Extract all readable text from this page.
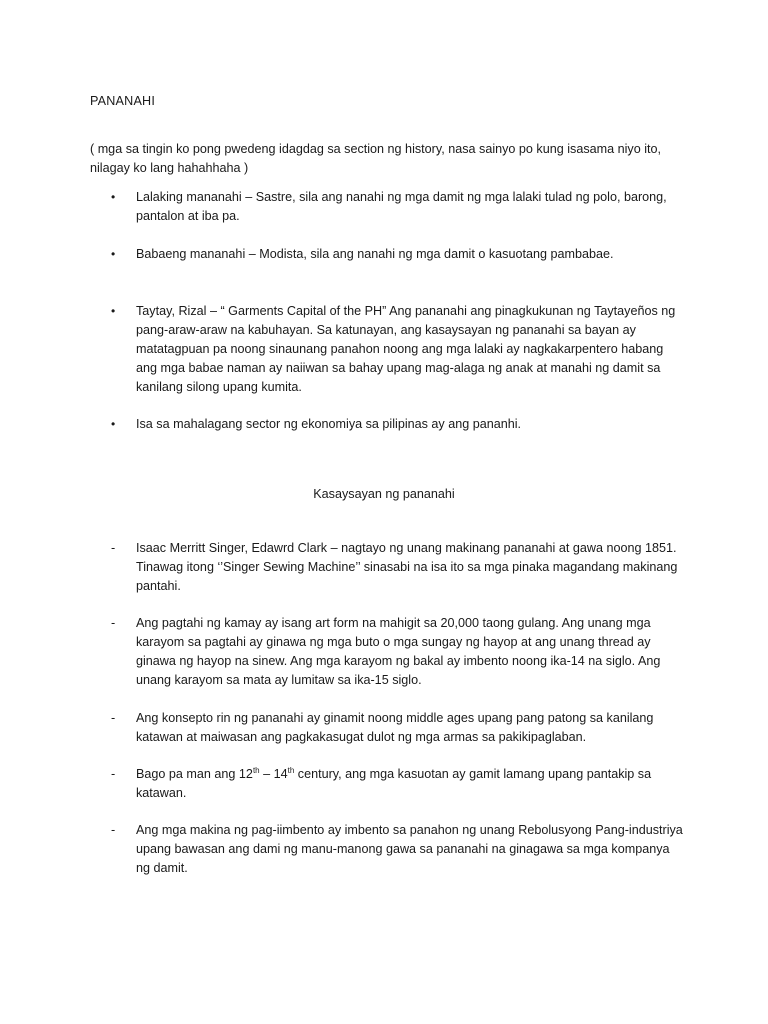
PANANAHI
( mga sa tingin ko pong pwedeng idagdag sa section ng history, nasa sainyo po kung isasama niyo ito, nilagay ko lang hahahhaha )
• Lalaking mananahi – Sastre, sila ang nanahi ng mga damit ng mga lalaki tulad ng polo, barong, pantalon at iba pa.
• Babaeng mananahi – Modista, sila ang nanahi ng mga damit o kasuotang pambabae.
• Taytay, Rizal – “ Garments Capital of the PH” Ang pananahi ang pinagkukunan ng Taytayeños ng pang-araw-araw na kabuhayan. Sa katunayan, ang kasaysayan ng pananahi sa bayan ay matatagpuan pa noong sinaunang panahon noong ang mga lalaki ay nagkakarpentero habang ang mga babae naman ay naiiwan sa bahay upang mag-alaga ng anak at manahi ng damit sa kanilang silong upang kumita.
• Isa sa mahalagang sector ng ekonomiya sa pilipinas ay ang pananhi.
Kasaysayan ng pananahi
- Isaac Merritt Singer, Edawrd Clark – nagtayo ng unang makinang pananahi at gawa noong 1851. Tinawag itong ‘’Singer Sewing Machine’’ sinasabi na isa ito sa mga pinaka magandang makinang pantahi.
- Ang pagtahi ng kamay ay isang art form na mahigit sa 20,000 taong gulang. Ang unang mga karayom sa pagtahi ay ginawa ng mga buto o mga sungay ng hayop at ang unang thread ay ginawa ng hayop na sinew. Ang mga karayom ng bakal ay imbento noong ika-14 na siglo. Ang unang karayom sa mata ay lumitaw sa ika-15 siglo.
- Ang konsepto rin ng pananahi ay ginamit noong middle ages upang pang patong sa kanilang katawan at maiwasan ang pagkakasugat dulot ng mga armas sa pakikipaglaban.
- Bago pa man ang 12th – 14th century, ang mga kasuotan ay gamit lamang upang pantakip sa katawan.
- Ang mga makina ng pag-iimbento ay imbento sa panahon ng unang Rebolusyong Pang-industriya upang bawasan ang dami ng manu-manong gawa sa pananahi na ginagawa sa mga kompanya ng damit.
